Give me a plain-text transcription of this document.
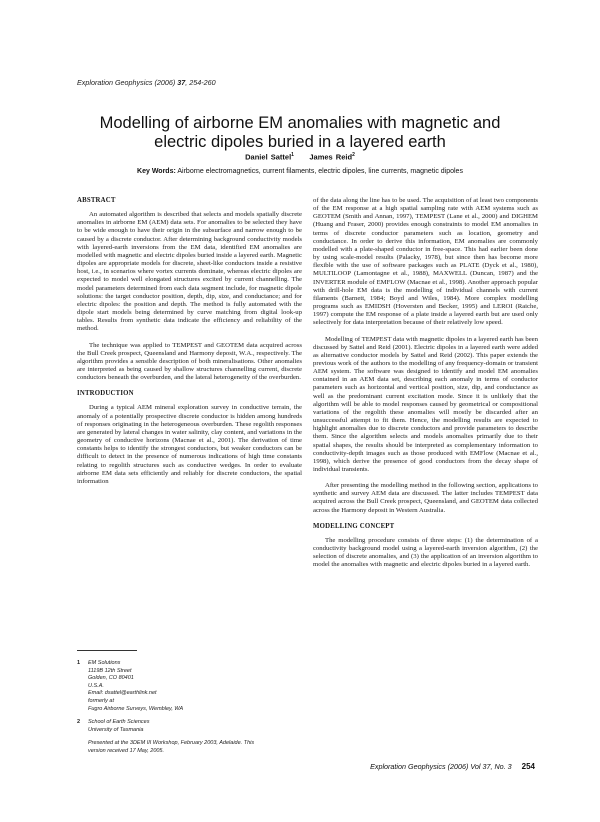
Exploration Geophysics (2006) 37, 254-260
Modelling of airborne EM anomalies with magnetic and
electric dipoles buried in a layered earth
Daniel Sattel$^1$ James Reid$^2$
Key Words: Airborne electromagnetics, current filaments, electric dipoles, line currents, magnetic dipoles
ABSTRACT

An automated algorithm is described that selects and models spatially discrete anomalies in airborne EM (AEM) data sets. For anomalies to be selected they have to be wide enough to have their origin in the subsurface and narrow enough to be caused by a discrete conductor. After determining background conductivity models with layered-earth inversions from the EM data, identified EM anomalies are modelled with magnetic and electric dipoles buried inside a layered earth. Magnetic dipoles are appropriate models for discrete, sheet-like conductors inside a resistive host, i.e., in scenarios where vortex currents dominate, whereas electric dipoles are expected to model well elongated structures excited by current channelling. The model parameters determined from each data segment include, for magnetic dipole solutions: the target conductor position, depth, dip, size, and conductance; and for electric dipoles: the position and depth. The method is fully automated with the dipole start models being determined by curve matching from digital look-up tables. Results from synthetic data indicate the efficiency and reliability of the method.

The technique was applied to TEMPEST and GEOTEM data acquired across the Bull Creek prospect, Queensland and Harmony deposit, W.A., respectively. The algorithm provides a sensible description of both mineralisations. Other anomalies are interpreted as being caused by shallow structures channelling current, discrete conductors beneath the overburden, and the lateral heterogeneity of the overburden.

INTRODUCTION

During a typical AEM mineral exploration survey in conductive terrain, the anomaly of a potentially prospective discrete conductor is hidden among hundreds of responses originating in the heterogeneous overburden. These regolith responses are generated by lateral changes in water salinity, clay content, and variations in the geometry of conductive horizons (Macnae et al., 2001). The derivation of time constants helps to identify the strongest conductors, but weaker conductors can be difficult to detect in the presence of numerous indications of high time constants relating to regolith structures such as conductive wedges. In order to evaluate airborne EM data sets efficiently and reliably for discrete conductors, the spatial information

of the data along the line has to be used. The acquisition of at least two components of the EM response at a high spatial sampling rate with AEM systems such as GEOTEM (Smith and Annan, 1997), TEMPEST (Lane et al., 2000) and DIGHEM (Huang and Fraser, 2000) provides enough constraints to model EM anomalies in terms of discrete conductor parameters such as location, geometry and conductance. In order to derive this information, EM anomalies are commonly modelled with a plate-shaped conductor in free-space. This had earlier been done by using scale-model results (Palacky, 1978), but since then has become more flexible with the use of software packages such as PLATE (Dyck et al., 1980), MULTILOOP (Lamontagne et al., 1988), MAXWELL (Duncan, 1987) and the INVERTER module of EMFLOW (Macnae et al., 1998). Another approach popular with drill-hole EM data is the modelling of individual channels with current filaments (Barnett, 1984; Boyd and Wiles, 1984). More complex modelling programs such as EMIDSH (Hoversten and Becker, 1995) and LEROI (Raiche, 1997) compute the EM response of a plate inside a layered earth but are used only selectively for data interpretation because of their relatively low speed.

Modelling of TEMPEST data with magnetic dipoles in a layered earth has been discussed by Sattel and Reid (2001). Electric dipoles in a layered earth were added as alternative conductor models by Sattel and Reid (2002). This paper extends the previous work of the authors to the modelling of any frequency-domain or transient AEM system. The software was designed to identify and model EM anomalies contained in an AEM data set, describing each anomaly in terms of conductor parameters such as horizontal and vertical position, size, dip, and conductance as well as the predominant current excitation mode. Since it is unlikely that the algorithm will be able to model responses caused by geometrical or compositional variations of the regolith these anomalies will mostly be discarded after an unsuccessful attempt to fit them. Hence, the modelling results are expected to highlight anomalies due to discrete conductors and provide parameters to describe them. Since the algorithm selects and models anomalies primarily due to their spatial shapes, the results should be interpreted as complementary information to conductivity-depth images such as those produced with EMFlow (Macnae et al., 1998), which derive the presence of good conductors from the decay shape of individual transients.

After presenting the modelling method in the following section, applications to synthetic and survey AEM data are discussed. The latter includes TEMPEST data acquired across the Bull Creek prospect, Queensland, and GEOTEM data collected across the Harmony deposit in Western Australia.

MODELLING CONCEPT

The modelling procedure consists of three steps: (1) the determination of a conductivity background model using a layered-earth inversion algorithm, (2) the selection of discrete anomalies, and (3) the application of an inversion algorithm to model the anomalies with magnetic and electric dipoles buried in a layered earth.

1	EM Solutions
1119B 12th Street
Golden, CO 80401
U.S.A.
Email: dsattel@earthlink.net
formerly at
Fugro Airborne Surveys, Wembley, WA
2	School of Earth Sciences
University of Tasmania
Presented at the 3DEM III Workshop, February 2003, Adelaide. This
version received 17 May, 2005.
Exploration Geophysics (2006) Vol 37, No. 3 254
